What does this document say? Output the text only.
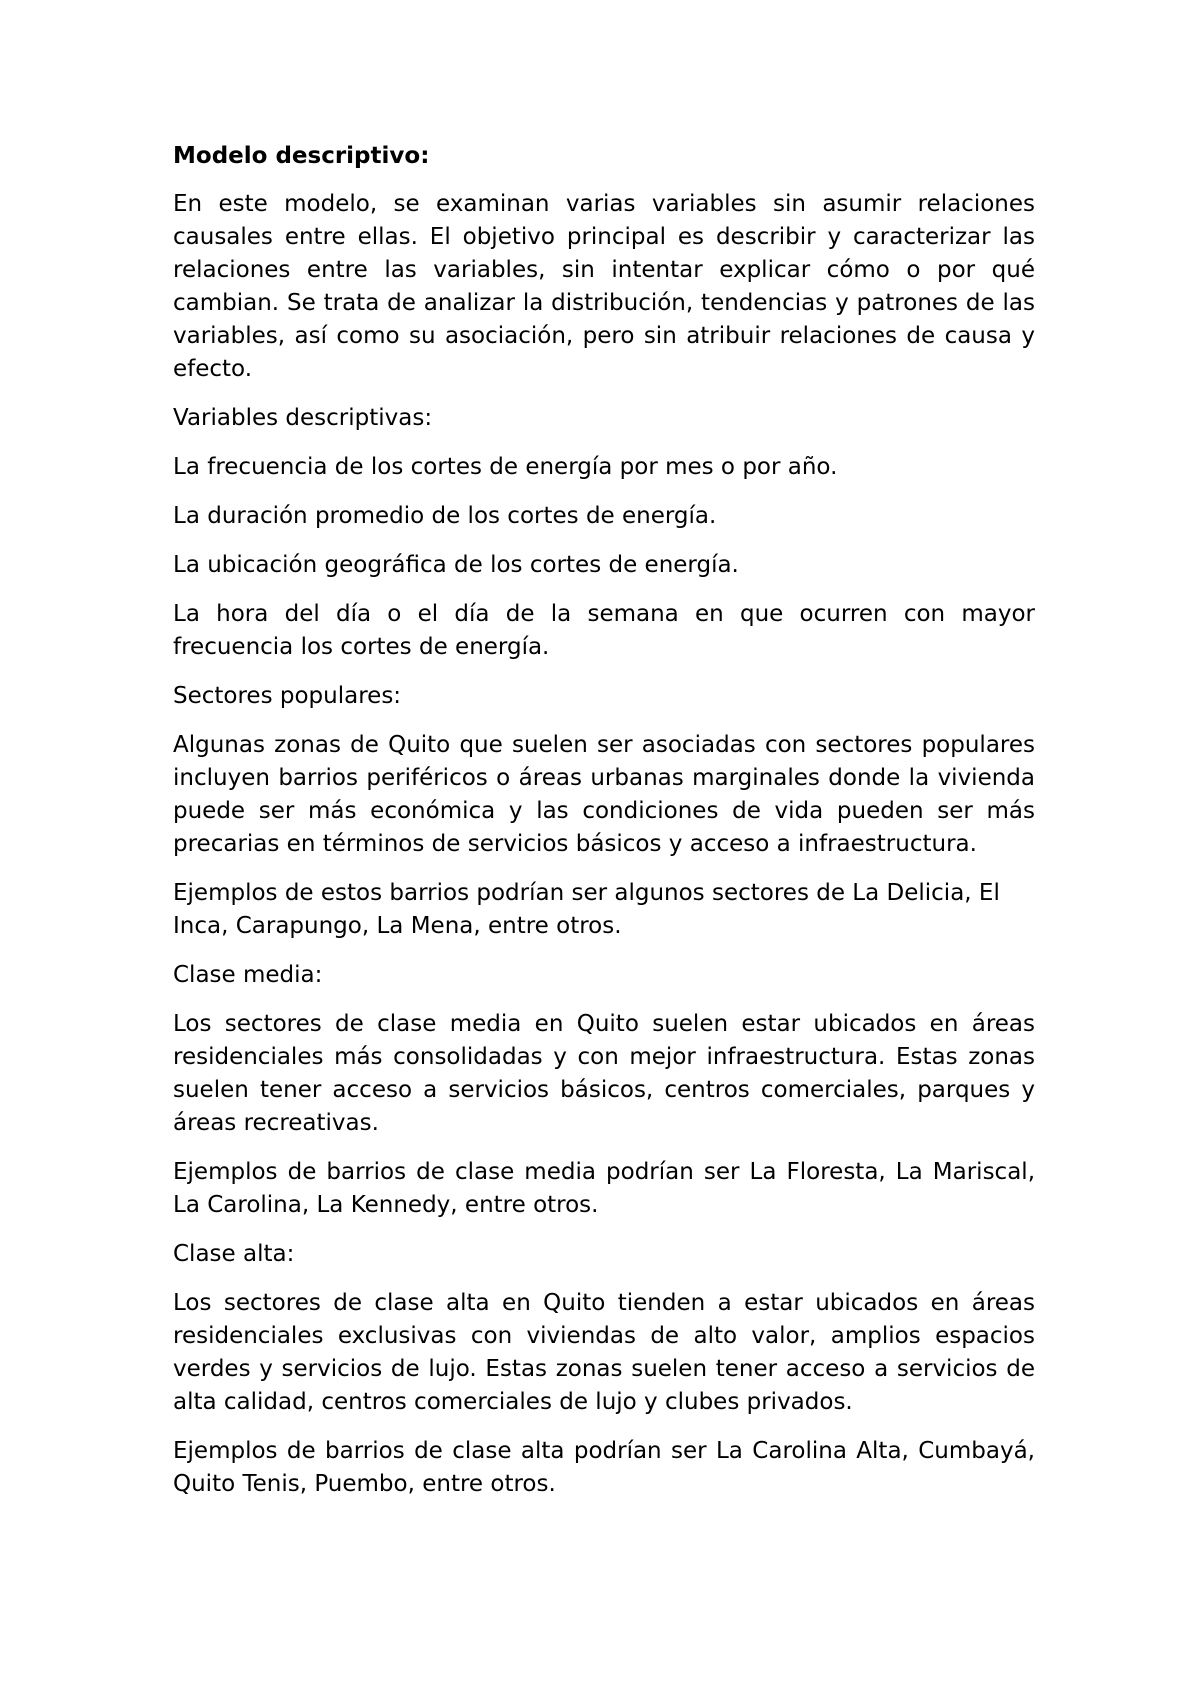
Modelo descriptivo:

En este modelo, se examinan varias variables sin asumir relaciones causales entre ellas. El objetivo principal es describir y caracterizar las relaciones entre las variables, sin intentar explicar cómo o por qué cambian. Se trata de analizar la distribución, tendencias y patrones de las variables, así como su asociación, pero sin atribuir relaciones de causa y efecto.

Variables descriptivas:

La frecuencia de los cortes de energía por mes o por año.

La duración promedio de los cortes de energía.

La ubicación geográfica de los cortes de energía.

La hora del día o el día de la semana en que ocurren con mayor frecuencia los cortes de energía.

Sectores populares:

Algunas zonas de Quito que suelen ser asociadas con sectores populares incluyen barrios periféricos o áreas urbanas marginales donde la vivienda puede ser más económica y las condiciones de vida pueden ser más precarias en términos de servicios básicos y acceso a infraestructura.

Ejemplos de estos barrios podrían ser algunos sectores de La Delicia, El Inca, Carapungo, La Mena, entre otros.

Clase media:

Los sectores de clase media en Quito suelen estar ubicados en áreas residenciales más consolidadas y con mejor infraestructura. Estas zonas suelen tener acceso a servicios básicos, centros comerciales, parques y áreas recreativas.

Ejemplos de barrios de clase media podrían ser La Floresta, La Mariscal, La Carolina, La Kennedy, entre otros.

Clase alta:

Los sectores de clase alta en Quito tienden a estar ubicados en áreas residenciales exclusivas con viviendas de alto valor, amplios espacios verdes y servicios de lujo. Estas zonas suelen tener acceso a servicios de alta calidad, centros comerciales de lujo y clubes privados.

Ejemplos de barrios de clase alta podrían ser La Carolina Alta, Cumbayá, Quito Tenis, Puembo, entre otros.
